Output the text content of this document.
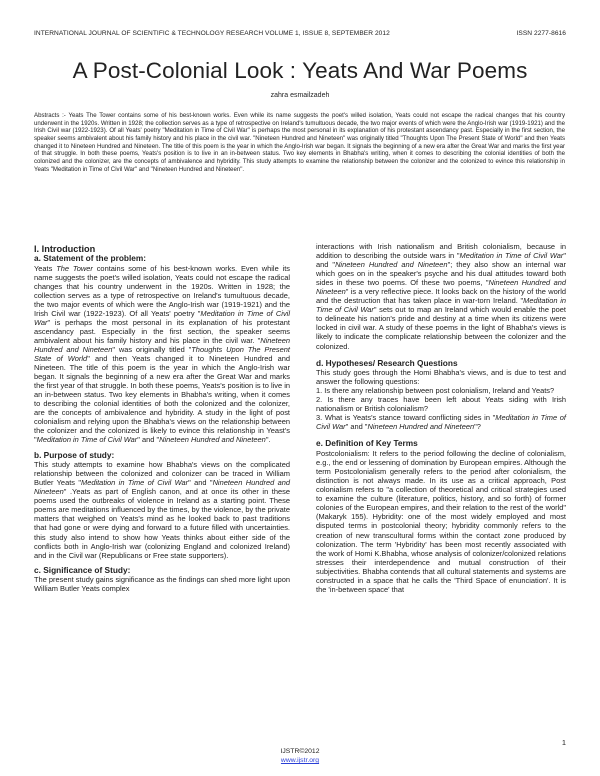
INTERNATIONAL JOURNAL OF SCIENTIFIC & TECHNOLOGY RESEARCH VOLUME 1, ISSUE 8, SEPTEMBER 2012	ISSN 2277-8616
A Post-Colonial Look : Yeats And War Poems
zahra esmailzadeh

Abstracts :- Yeats The Tower contains some of his best-known works. Even while its name suggests the poet's willed isolation, Yeats could not escape the radical changes that his country underwent in the 1920s. Written in 1928; the collection serves as a type of retrospective on Ireland's tumultuous decade, the two major events of which were the Anglo-Irish war (1919-1921) and the Irish Civil war (1922-1923). Of all Yeats' poetry "Meditation in Time of Civil War" is perhaps the most personal in its explanation of his protestant ascendancy past. Especially in the first section, the speaker seems ambivalent about his family history and his place in the civil war. "Nineteen Hundred and Nineteen" was originally titled "Thoughts Upon The Present State of World" and then Yeats changed it to Nineteen Hundred and Nineteen. The title of this poem is the year in which the Anglo-Irish war began. It signals the beginning of a new era after the Great War and marks the first year of that struggle. In both these poems, Yeats's position is to live in an in-between status. Two key elements in Bhabha's writing, when it comes to describing the colonial identities of both the colonized and the colonizer, are the concepts of ambivalence and hybridity. This study attempts to examine the relationship between the colonizer and the colonized to evince this relationship in Yeats "Meditation in Time of Civil War" and "Nineteen Hundred and Nineteen".

I. Introduction
a. Statement of the problem:

Yeats The Tower contains some of his best-known works. Even while its name suggests the poet's willed isolation, Yeats could not escape the radical changes that his country underwent in the 1920s. Written in 1928; the collection serves as a type of retrospective on Ireland's tumultuous decade, the two major events of which were the Anglo-Irish war (1919-1921) and the Irish Civil war (1922-1923). Of all Yeats' poetry "Meditation in Time of Civil War" is perhaps the most personal in its explanation of his protestant ascendancy past. Especially in the first section, the speaker seems ambivalent about his family history and his place in the civil war. "Nineteen Hundred and Nineteen" was originally titled "Thoughts Upon The Present State of World" and then Yeats changed it to Nineteen Hundred and Nineteen. The title of this poem is the year in which the Anglo-Irish war began. It signals the beginning of a new era after the Great War and marks the first year of that struggle. In both these poems, Yeats's position is to live in an in-between status. Two key elements in Bhabha's writing, when it comes to describing the colonial identities of both the colonized and the colonizer, are the concepts of ambivalence and hybridity. A study in the light of post colonialism and relying upon the Bhabha's views on the relationship between the colonizer and the colonized is likely to evince this relationship in Yeast's "Meditation in Time of Civil War" and "Nineteen Hundred and Nineteen".

b. Purpose of study:

This study attempts to examine how Bhabha's views on the complicated relationship between the colonized and colonizer can be traced in William Butler Yeats "Meditation in Time of Civil War" and "Nineteen Hundred and Nineteen" .Yeats as part of English canon, and at once its other in these poems used the outbreaks of violence in Ireland as a starting point. These poems are meditations influenced by the times, by the violence, by the private matters that weighed on Yeats's mind as he looked back to past traditions that had gone or were dying and forward to a future filled with uncertainties. this study also intend to show how Yeats thinks about either side of the conflicts both in Anglo-Irish war (colonizing England and colonized Ireland) and in the Civil war (Republicans or Free state supporters).

c. Significance of Study:

The present study gains significance as the findings can shed more light upon William Butler Yeats complex

interactions with Irish nationalism and British colonialism, because in addition to describing the outside wars in "Meditation in Time of Civil War" and "Nineteen Hundred and Nineteen"; they also show an internal war which goes on in the speaker's psyche and his dual attitudes toward both sides in these two poems. Of these two poems, "Nineteen Hundred and Nineteen" is a very reflective piece. It looks back on the history of the world and the destruction that has taken place in war-torn Ireland. "Meditation in Time of Civil War" sets out to map an Ireland which would enable the poet to delineate his nation's pride and destiny at a time when its citizens were locked in civil war. A study of these poems in the light of Bhabha's views is likely to indicate the complicate relationship between the colonizer and the colonized.

d. Hypotheses/ Research Questions

This study goes through the Homi Bhabha's views, and is due to test and answer the following questions:

1. Is there any relationship between post colonialism, Ireland and Yeats?

2. Is there any traces have been left about Yeats siding with Irish nationalism or British colonialism?

3. What is Yeats's stance toward conflicting sides in "Meditation in Time of Civil War" and "Nineteen Hundred and Nineteen"?

e. Definition of Key Terms

Postcolonialism: It refers to the period following the decline of colonialism, e.g., the end or lessening of domination by European empires. Although the term Postcolonialism generally refers to the period after colonialism, the distinction is not always made. In its use as a critical approach, Post colonialism refers to "a collection of theoretical and critical strategies used to examine the culture (literature, politics, history, and so forth) of former colonies of the European empires, and their relation to the rest of the world" (Makaryk 155). Hybridity: one of the most widely employed and most disputed terms in postcolonial theory; hybridity commonly refers to the creation of new transcultural forms within the contact zone produced by colonization. The term 'Hybridity' has been most recently associated with the work of Homi K.Bhabha, whose analysis of colonizer/colonized relations stresses their interdependence and mutual construction of their subjectivities. Bhabha contends that all cultural statements and systems are constructed in a space that he calls the 'Third Space of enunciation'. It is the 'in-between space' that

1
IJSTR©2012
www.ijstr.org
